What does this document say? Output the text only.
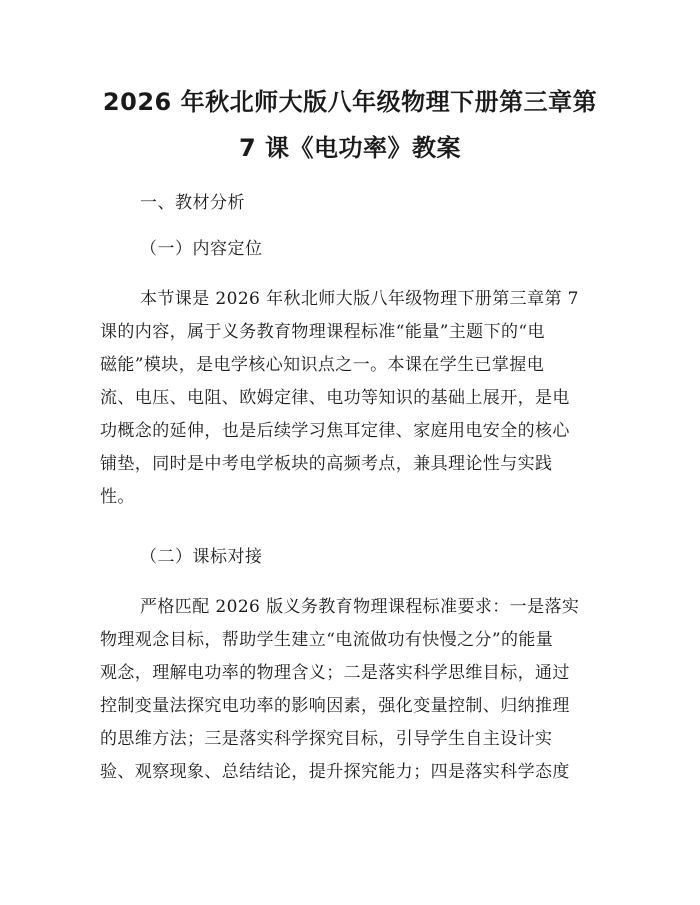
2026 年秋北师大版八年级物理下册第三章第
7 课《电功率》教案

一、教材分析

（一）内容定位

本节课是 2026 年秋北师大版八年级物理下册第三章第 7
课的内容，属于义务教育物理课程标准“能量”主题下的“电
磁能”模块，是电学核心知识点之一。本课在学生已掌握电
流、电压、电阻、欧姆定律、电功等知识的基础上展开，是电
功概念的延伸，也是后续学习焦耳定律、家庭用电安全的核心
铺垫，同时是中考电学板块的高频考点，兼具理论性与实践
性。

（二）课标对接

严格匹配 2026 版义务教育物理课程标准要求：一是落实
物理观念目标，帮助学生建立“电流做功有快慢之分”的能量
观念，理解电功率的物理含义；二是落实科学思维目标，通过
控制变量法探究电功率的影响因素，强化变量控制、归纳推理
的思维方法；三是落实科学探究目标，引导学生自主设计实
验、观察现象、总结结论，提升探究能力；四是落实科学态度
